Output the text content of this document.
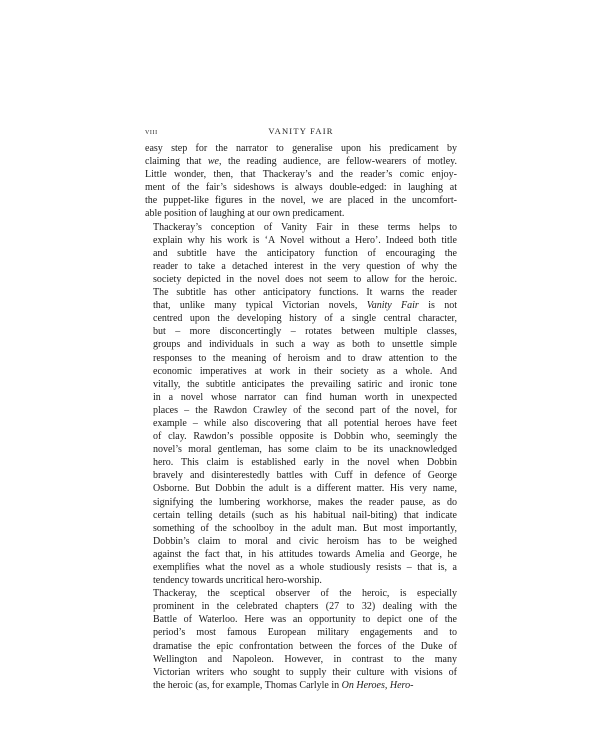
viii	VANITY FAIR

easy step for the narrator to generalise upon his predicament by
claiming that we, the reading audience, are fellow-wearers of motley.
Little wonder, then, that Thackeray’s and the reader’s comic enjoy-
ment of the fair’s sideshows is always double-edged: in laughing at
the puppet-like figures in the novel, we are placed in the uncomfort-
able position of laughing at our own predicament.

Thackeray’s conception of Vanity Fair in these terms helps to
explain why his work is ‘A Novel without a Hero’. Indeed both title
and subtitle have the anticipatory function of encouraging the
reader to take a detached interest in the very question of why the
society depicted in the novel does not seem to allow for the heroic.
The subtitle has other anticipatory functions. It warns the reader
that, unlike many typical Victorian novels, Vanity Fair is not
centred upon the developing history of a single central character,
but – more disconcertingly – rotates between multiple classes,
groups and individuals in such a way as both to unsettle simple
responses to the meaning of heroism and to draw attention to the
economic imperatives at work in their society as a whole. And
vitally, the subtitle anticipates the prevailing satiric and ironic tone
in a novel whose narrator can find human worth in unexpected
places – the Rawdon Crawley of the second part of the novel, for
example – while also discovering that all potential heroes have feet
of clay. Rawdon’s possible opposite is Dobbin who, seemingly the
novel’s moral gentleman, has some claim to be its unacknowledged
hero. This claim is established early in the novel when Dobbin
bravely and disinterestedly battles with Cuff in defence of George
Osborne. But Dobbin the adult is a different matter. His very name,
signifying the lumbering workhorse, makes the reader pause, as do
certain telling details (such as his habitual nail-biting) that indicate
something of the schoolboy in the adult man. But most importantly,
Dobbin’s claim to moral and civic heroism has to be weighed
against the fact that, in his attitudes towards Amelia and George, he
exemplifies what the novel as a whole studiously resists – that is, a
tendency towards uncritical hero-worship.

Thackeray, the sceptical observer of the heroic, is especially
prominent in the celebrated chapters (27 to 32) dealing with the
Battle of Waterloo. Here was an opportunity to depict one of the
period’s most famous European military engagements and to
dramatise the epic confrontation between the forces of the Duke of
Wellington and Napoleon. However, in contrast to the many
Victorian writers who sought to supply their culture with visions of
the heroic (as, for example, Thomas Carlyle in On Heroes, Hero-
